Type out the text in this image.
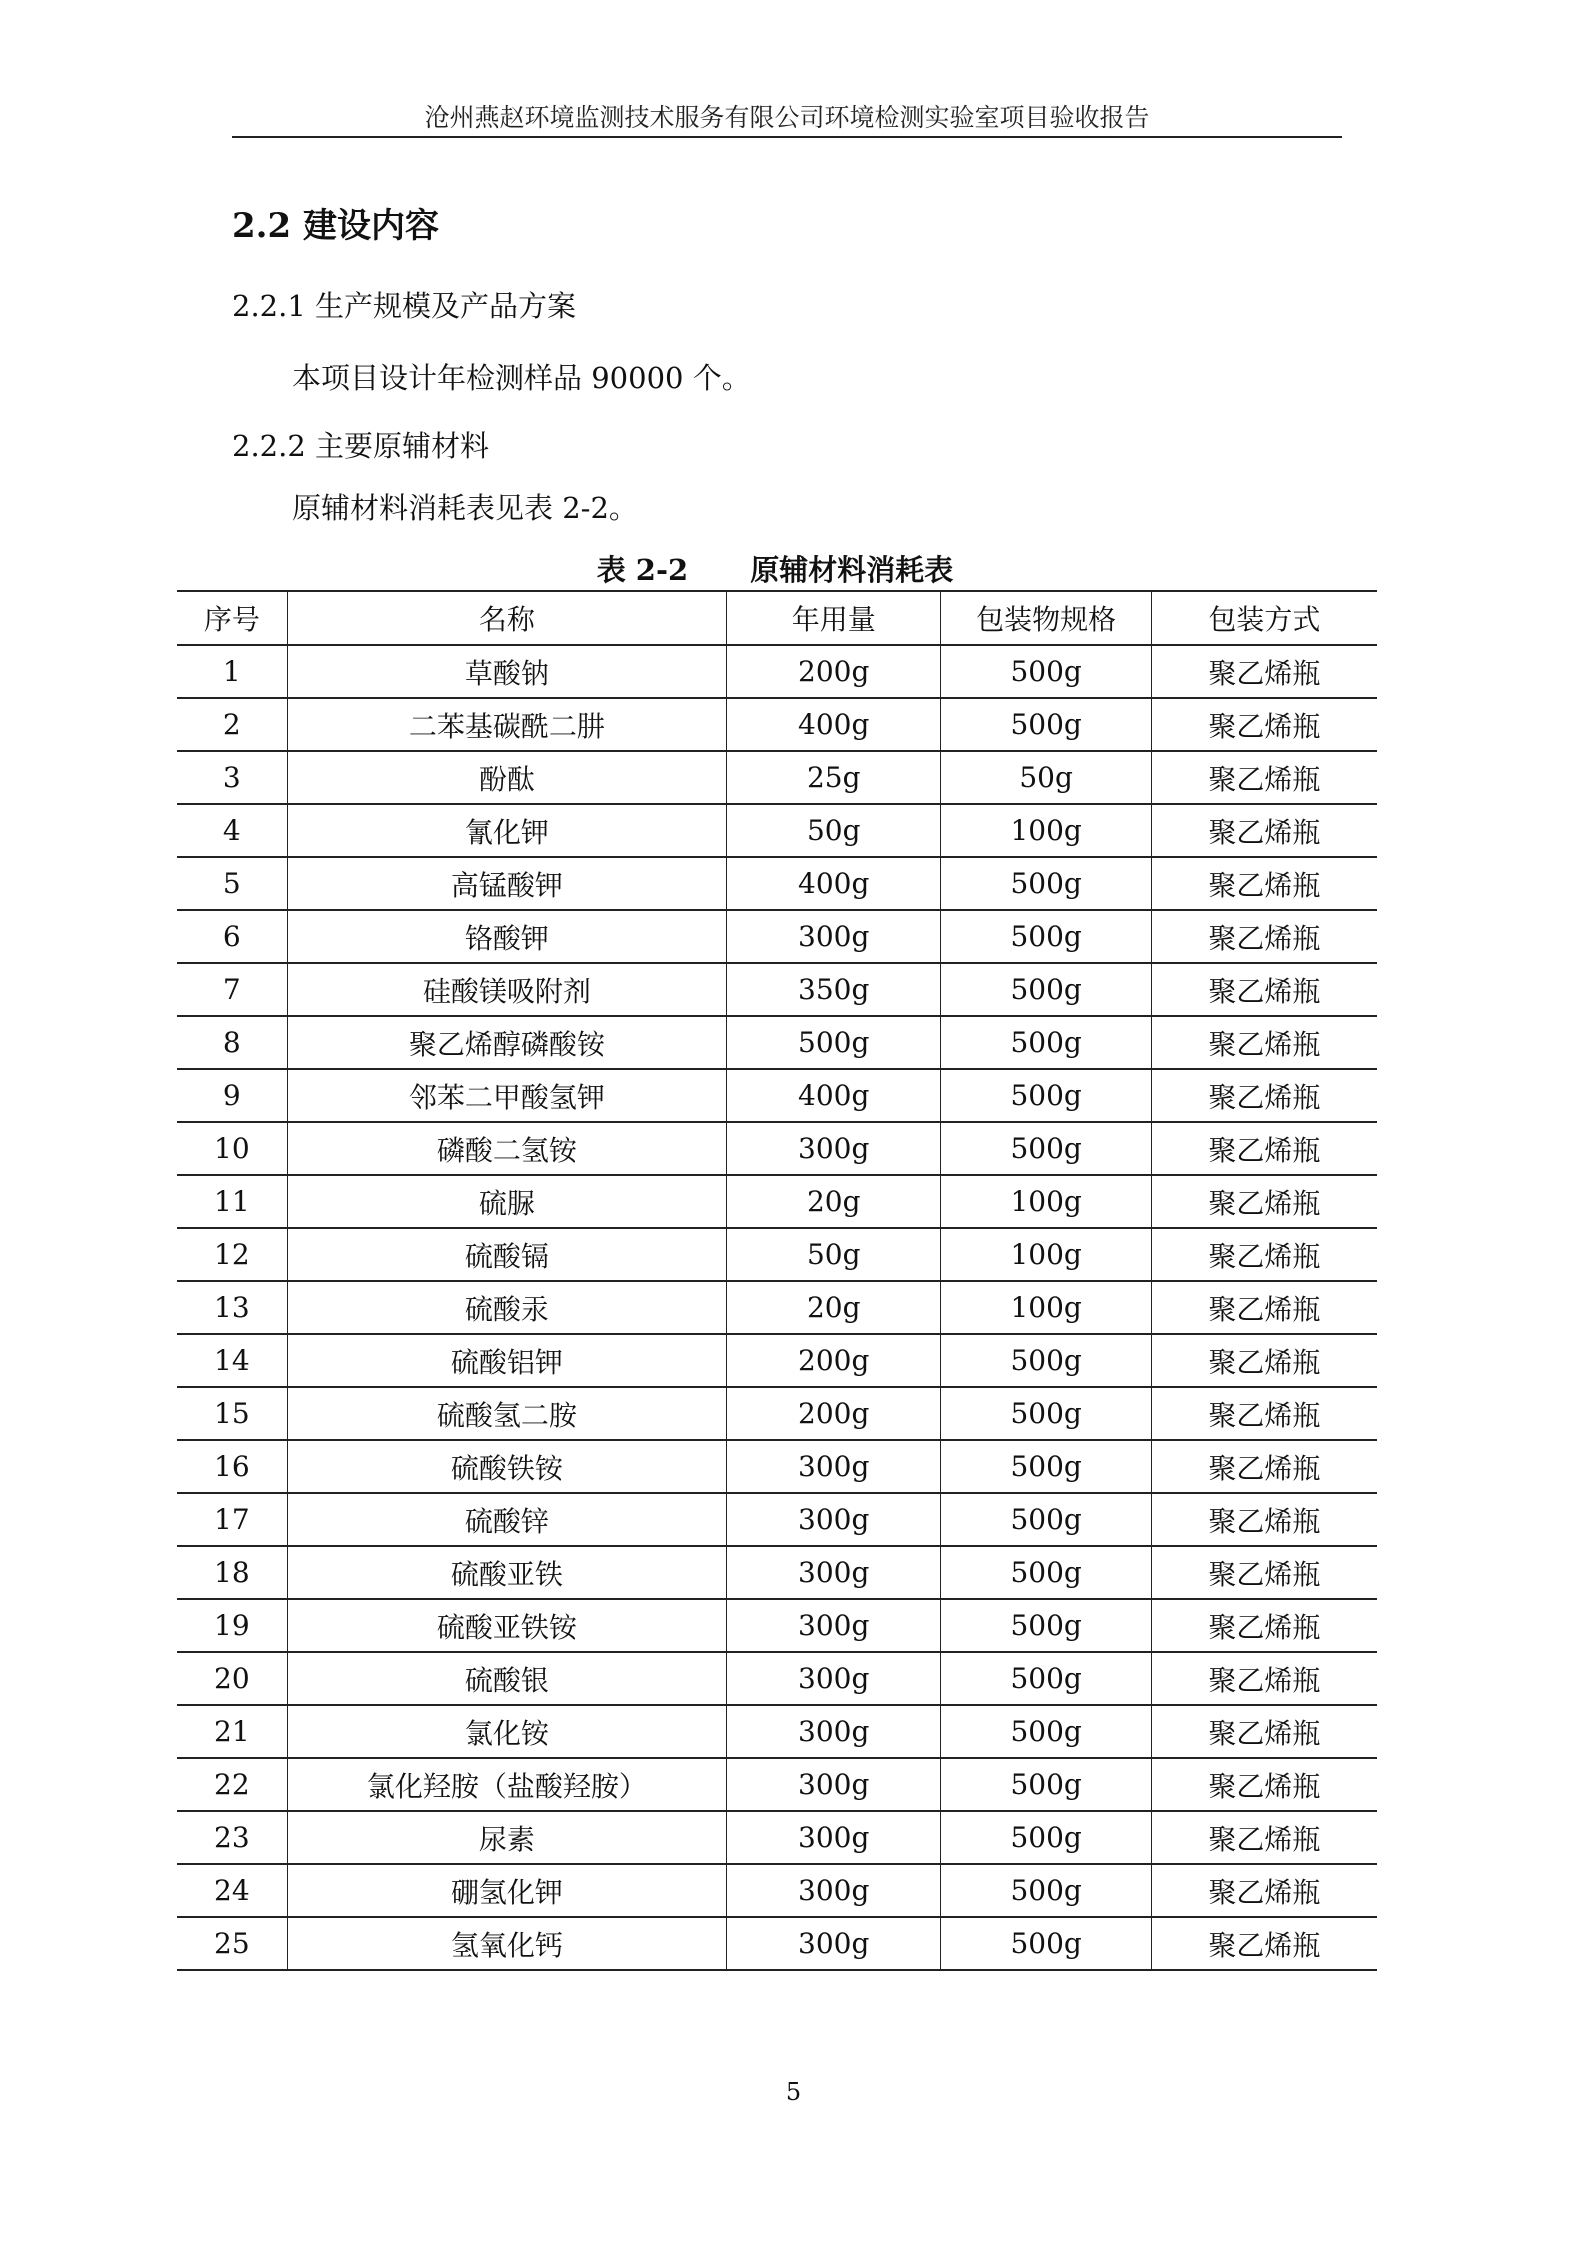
沧州燕赵环境监测技术服务有限公司环境检测实验室项目验收报告
2.2 建设内容
2.2.1 生产规模及产品方案
本项目设计年检测样品 90000 个。
2.2.2 主要原辅材料
原辅材料消耗表见表 2-2。
表 2-2 原辅材料消耗表
序号	名称	年用量	包装物规格	包装方式
1	草酸钠	200g	500g	聚乙烯瓶
2	二苯基碳酰二肼	400g	500g	聚乙烯瓶
3	酚酞	25g	50g	聚乙烯瓶
4	氰化钾	50g	100g	聚乙烯瓶
5	高锰酸钾	400g	500g	聚乙烯瓶
6	铬酸钾	300g	500g	聚乙烯瓶
7	硅酸镁吸附剂	350g	500g	聚乙烯瓶
8	聚乙烯醇磷酸铵	500g	500g	聚乙烯瓶
9	邻苯二甲酸氢钾	400g	500g	聚乙烯瓶
10	磷酸二氢铵	300g	500g	聚乙烯瓶
11	硫脲	20g	100g	聚乙烯瓶
12	硫酸镉	50g	100g	聚乙烯瓶
13	硫酸汞	20g	100g	聚乙烯瓶
14	硫酸铝钾	200g	500g	聚乙烯瓶
15	硫酸氢二胺	200g	500g	聚乙烯瓶
16	硫酸铁铵	300g	500g	聚乙烯瓶
17	硫酸锌	300g	500g	聚乙烯瓶
18	硫酸亚铁	300g	500g	聚乙烯瓶
19	硫酸亚铁铵	300g	500g	聚乙烯瓶
20	硫酸银	300g	500g	聚乙烯瓶
21	氯化铵	300g	500g	聚乙烯瓶
22	氯化羟胺（盐酸羟胺）	300g	500g	聚乙烯瓶
23	尿素	300g	500g	聚乙烯瓶
24	硼氢化钾	300g	500g	聚乙烯瓶
25	氢氧化钙	300g	500g	聚乙烯瓶
5
